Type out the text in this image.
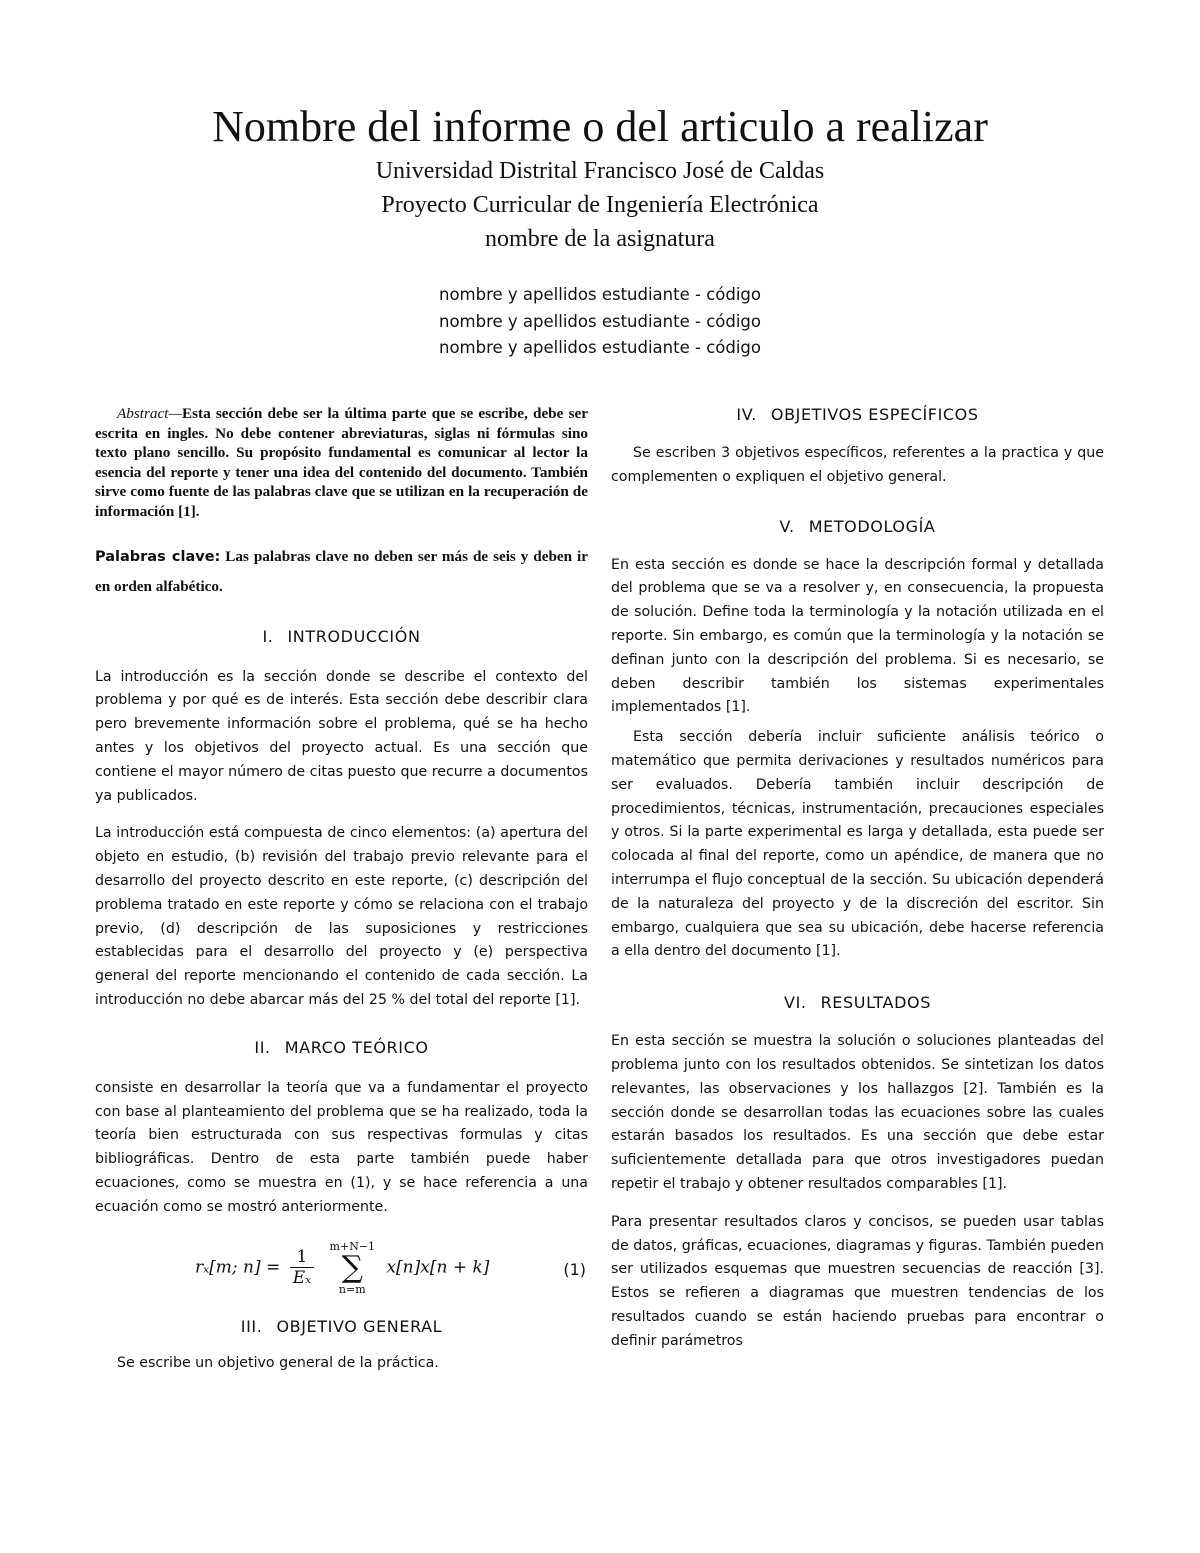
Nombre del informe o del articulo a realizar

Universidad Distrital Francisco José de Caldas

Proyecto Curricular de Ingeniería Electrónica

nombre de la asignatura

nombre y apellidos estudiante - código

nombre y apellidos estudiante - código

nombre y apellidos estudiante - código

Abstract—Esta sección debe ser la última parte que se escribe, debe ser escrita en ingles. No debe contener abreviaturas, siglas ni fórmulas sino texto plano sencillo. Su propósito fundamental es comunicar al lector la esencia del reporte y tener una idea del contenido del documento. También sirve como fuente de las palabras clave que se utilizan en la recuperación de información [1].

Palabras clave: Las palabras clave no deben ser más de seis y deben ir en orden alfabético.

I. INTRODUCCIÓN

La introducción es la sección donde se describe el contexto del problema y por qué es de interés. Esta sección debe describir clara pero brevemente información sobre el problema, qué se ha hecho antes y los objetivos del proyecto actual. Es una sección que contiene el mayor número de citas puesto que recurre a documentos ya publicados.

La introducción está compuesta de cinco elementos: (a) apertura del objeto en estudio, (b) revisión del trabajo previo relevante para el desarrollo del proyecto descrito en este reporte, (c) descripción del problema tratado en este reporte y cómo se relaciona con el trabajo previo, (d) descripción de las suposiciones y restricciones establecidas para el desarrollo del proyecto y (e) perspectiva general del reporte mencionando el contenido de cada sección. La introducción no debe abarcar más del 25 % del total del reporte [1].

II. MARCO TEÓRICO

consiste en desarrollar la teoría que va a fundamentar el proyecto con base al planteamiento del problema que se ha realizado, toda la teoría bien estructurada con sus respectivas formulas y citas bibliográficas. Dentro de esta parte también puede haber ecuaciones, como se muestra en (1), y se hace referencia a una ecuación como se mostró anteriormente.

rₓ[m; $n] = \frac{1}{\text{Eₓ}}$

m+N−1
∑
n=m
x[n]x[n + k]	(1)
III. OBJETIVO GENERAL

Se escribe un objetivo general de la práctica.

IV. OBJETIVOS ESPECÍFICOS

Se escriben 3 objetivos específicos, referentes a la practica y que complementen o expliquen el objetivo general.

V. METODOLOGÍA

En esta sección es donde se hace la descripción formal y detallada del problema que se va a resolver y, en consecuencia, la propuesta de solución. Define toda la terminología y la notación utilizada en el reporte. Sin embargo, es común que la terminología y la notación se definan junto con la descripción del problema. Si es necesario, se deben describir también los sistemas experimentales implementados [1].

Esta sección debería incluir suficiente análisis teórico o matemático que permita derivaciones y resultados numéricos para ser evaluados. Debería también incluir descripción de procedimientos, técnicas, instrumentación, precauciones especiales y otros. Si la parte experimental es larga y detallada, esta puede ser colocada al final del reporte, como un apéndice, de manera que no interrumpa el flujo conceptual de la sección. Su ubicación dependerá de la naturaleza del proyecto y de la discreción del escritor. Sin embargo, cualquiera que sea su ubicación, debe hacerse referencia a ella dentro del documento [1].

VI. RESULTADOS

En esta sección se muestra la solución o soluciones planteadas del problema junto con los resultados obtenidos. Se sintetizan los datos relevantes, las observaciones y los hallazgos [2]. También es la sección donde se desarrollan todas las ecuaciones sobre las cuales estarán basados los resultados. Es una sección que debe estar suficientemente detallada para que otros investigadores puedan repetir el trabajo y obtener resultados comparables [1].

Para presentar resultados claros y concisos, se pueden usar tablas de datos, gráficas, ecuaciones, diagramas y figuras. También pueden ser utilizados esquemas que muestren secuencias de reacción [3]. Estos se refieren a diagramas que muestren tendencias de los resultados cuando se están haciendo pruebas para encontrar o definir parámetros
